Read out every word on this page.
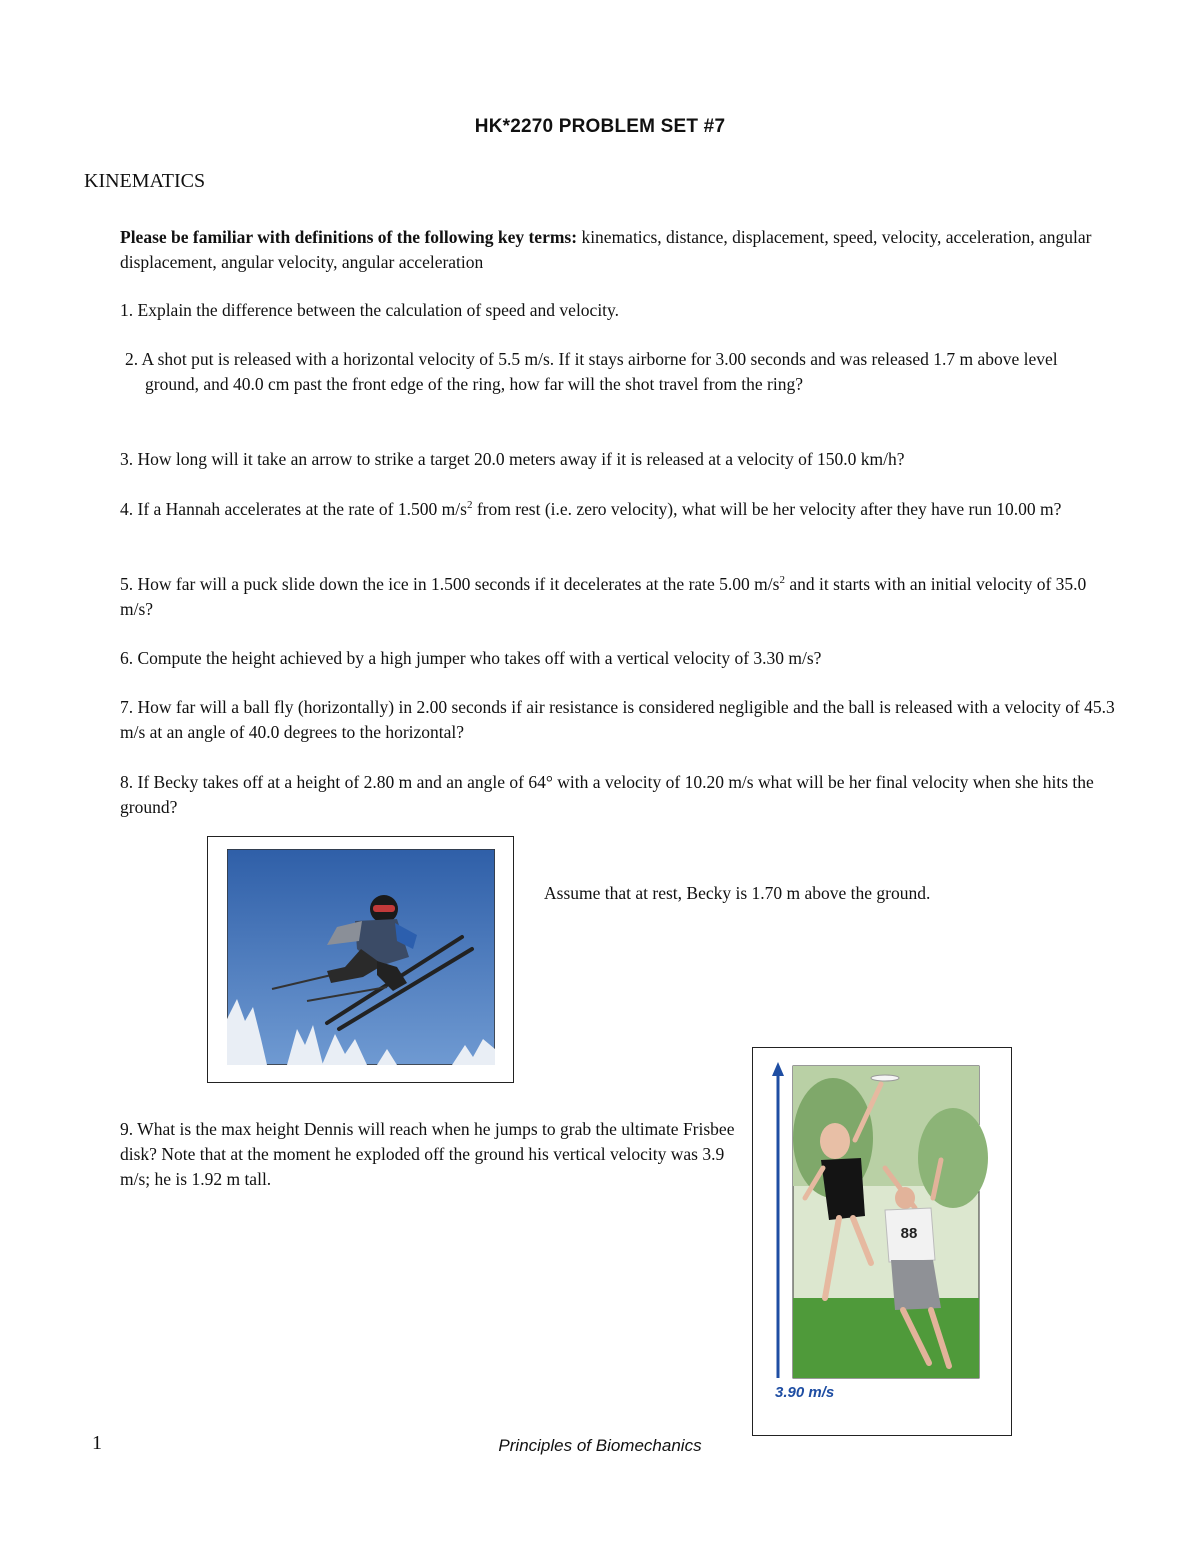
HK*2270 PROBLEM SET #7
KINEMATICS

Please be familiar with definitions of the following key terms: kinematics, distance, displacement, speed, velocity, acceleration, angular displacement, angular velocity, angular acceleration

1. Explain the difference between the calculation of speed and velocity.

2. A shot put is released with a horizontal velocity of 5.5 m/s. If it stays airborne for 3.00 seconds and was released 1.7 m above level ground, and 40.0 cm past the front edge of the ring, how far will the shot travel from the ring?

3. How long will it take an arrow to strike a target 20.0 meters away if it is released at a velocity of 150.0 km/h?
4. If a Hannah accelerates at the rate of 1.500 $m/s^2$ from rest (i.e. zero velocity), what will be her velocity after they have run 10.00 m?
5. How far will a puck slide down the ice in 1.500 seconds if it decelerates at the rate 5.00 $m/s^2$ and it starts with an initial velocity of 35.0 m/s?
6. Compute the height achieved by a high jumper who takes off with a vertical velocity of 3.30 m/s?
7. How far will a ball fly (horizontally) in 2.00 seconds if air resistance is considered negligible and the ball is released with a velocity of 45.3 m/s at an angle of 40.0 degrees to the horizontal?
8. If Becky takes off at a height of 2.80 m and an angle of 64° with a velocity of 10.20 m/s what will be her final velocity when she hits the ground?
Assume that at rest, Becky is 1.70 m above the ground.
88
3.90 m/s
9. What is the max height Dennis will reach when he jumps to grab the ultimate Frisbee disk? Note that at the moment he exploded off the ground his vertical velocity was 3.9 m/s; he is 1.92 m tall.
1	Principles of Biomechanics
